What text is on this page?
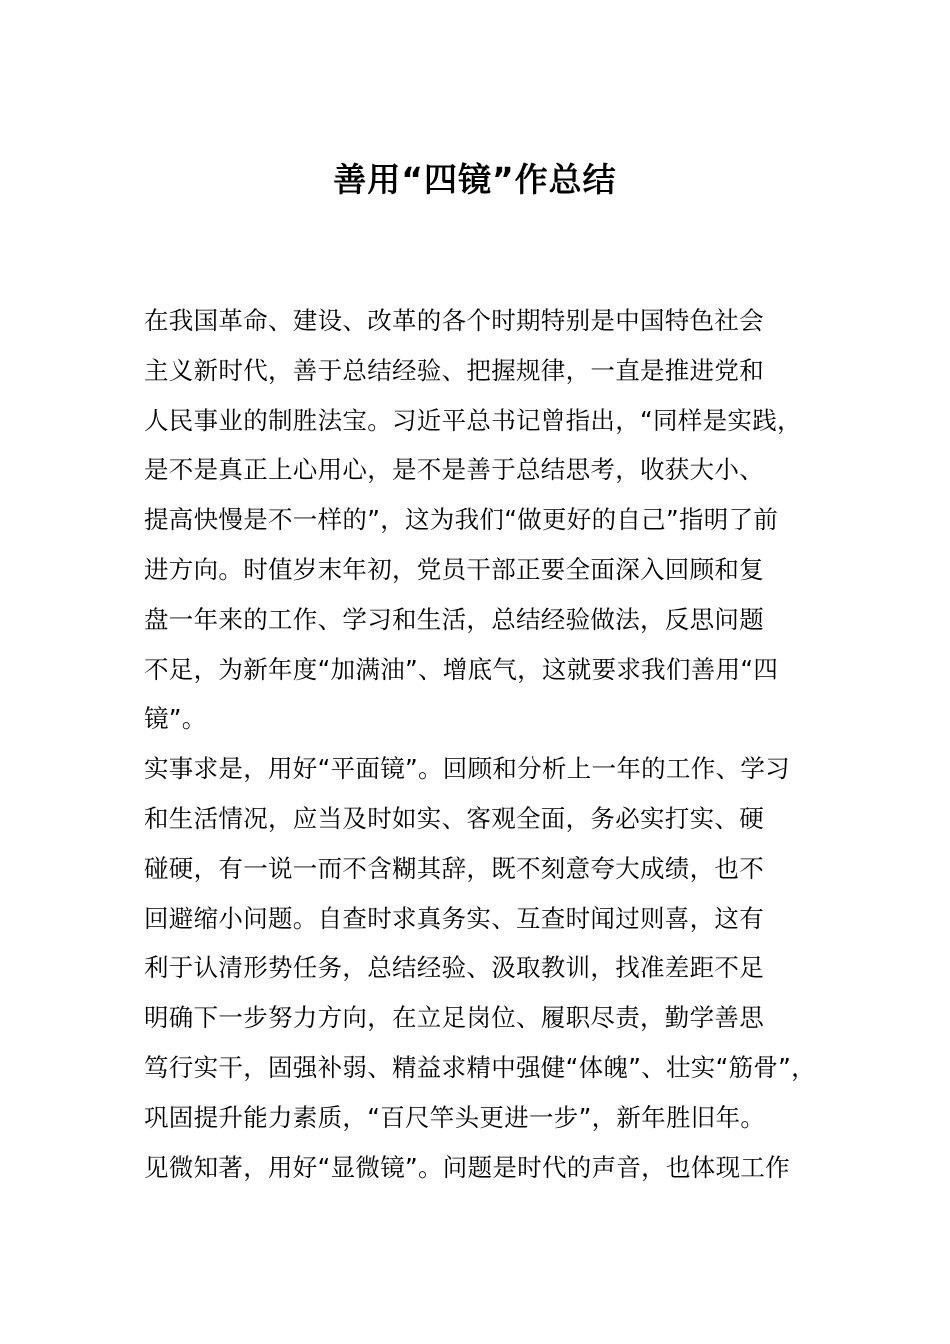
善用“四镜”作总结
在我国革命、建设、改革的各个时期特别是中国特色社会
主义新时代，善于总结经验、把握规律，一直是推进党和
人民事业的制胜法宝。习近平总书记曾指出，“同样是实践，
是不是真正上心用心，是不是善于总结思考，收获大小、
提高快慢是不一样的”，这为我们“做更好的自己”指明了前
进方向。时值岁末年初，党员干部正要全面深入回顾和复
盘一年来的工作、学习和生活，总结经验做法，反思问题
不足，为新年度“加满油”、增底气，这就要求我们善用“四
镜”。
实事求是，用好“平面镜”。回顾和分析上一年的工作、学习
和生活情况，应当及时如实、客观全面，务必实打实、硬
碰硬，有一说一而不含糊其辞，既不刻意夸大成绩，也不
回避缩小问题。自查时求真务实、互查时闻过则喜，这有
利于认清形势任务，总结经验、汲取教训，找准差距不足
明确下一步努力方向，在立足岗位、履职尽责，勤学善思
笃行实干，固强补弱、精益求精中强健“体魄”、壮实“筋骨”，
巩固提升能力素质，“百尺竿头更进一步”，新年胜旧年。
见微知著，用好“显微镜”。问题是时代的声音，也体现工作
